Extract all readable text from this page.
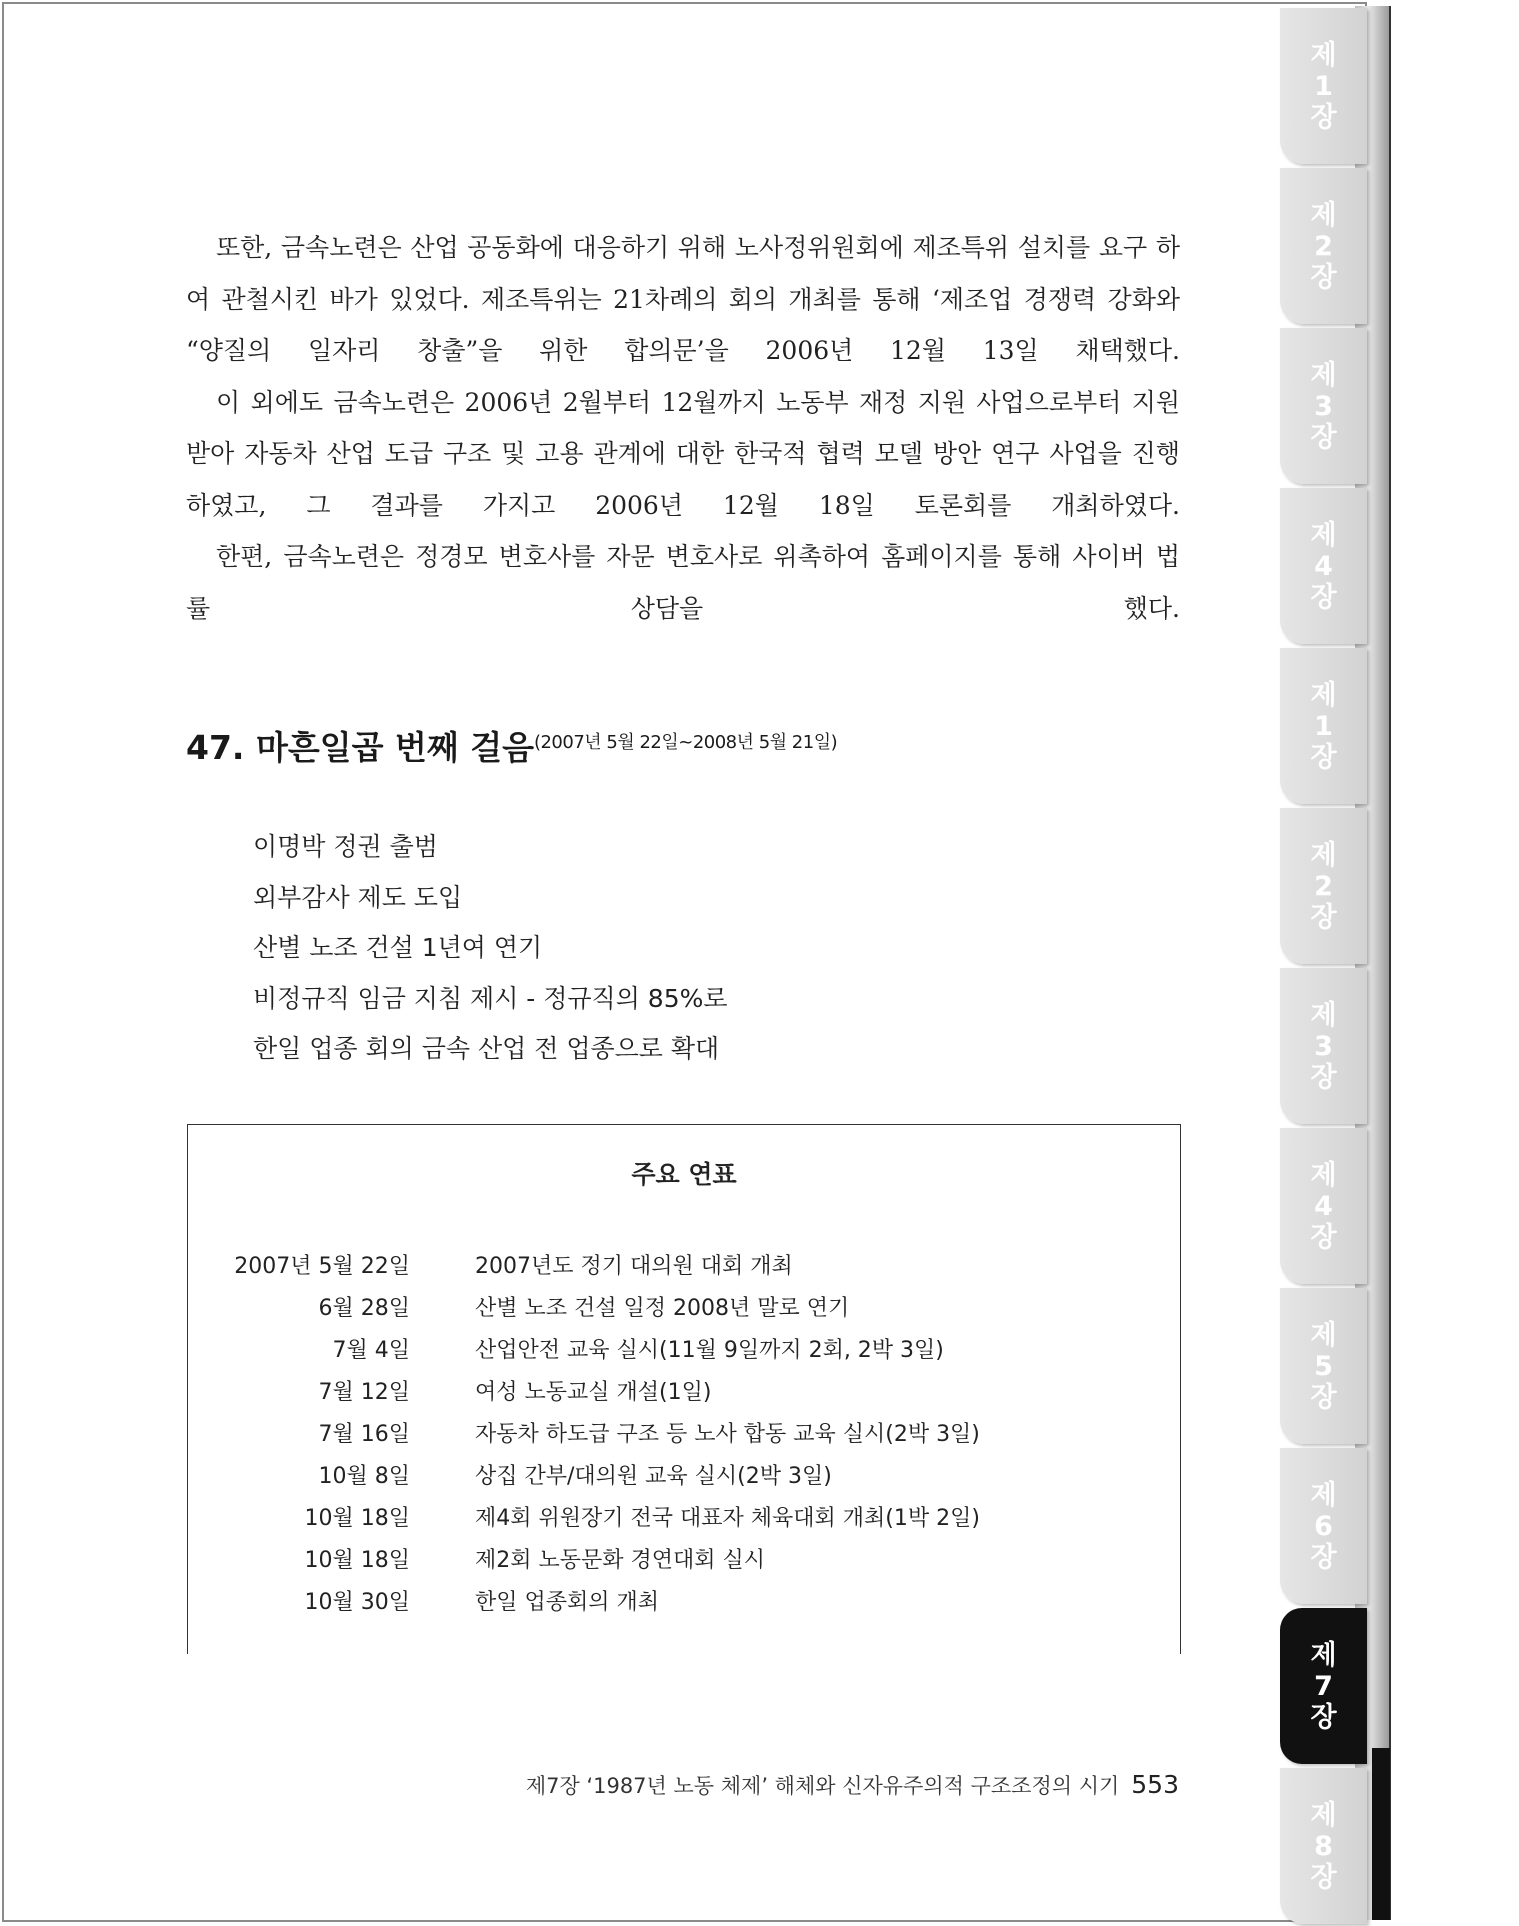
또한, 금속노련은 산업 공동화에 대응하기 위해 노사정위원회에 제조특위 설치를 요구 하여 관철시킨 바가 있었다. 제조특위는 21차례의 회의 개최를 통해 ‘제조업 경쟁력 강화와 “양질의 일자리 창출”을 위한 합의문’을 2006년 12월 13일 채택했다.

이 외에도 금속노련은 2006년 2월부터 12월까지 노동부 재정 지원 사업으로부터 지원 받아 자동차 산업 도급 구조 및 고용 관계에 대한 한국적 협력 모델 방안 연구 사업을 진행 하였고, 그 결과를 가지고 2006년 12월 18일 토론회를 개최하였다.

한편, 금속노련은 정경모 변호사를 자문 변호사로 위촉하여 홈페이지를 통해 사이버 법 률 상담을 했다.

47. 마흔일곱 번째 걸음$^{(2007년 5월 22일\sim 2008년 5월 21일)}$
이명박 정권 출범
외부감사 제도 도입
산별 노조 건설 1년여 연기
비정규직 임금 지침 제시 - 정규직의 85%로
한일 업종 회의 금속 산업 전 업종으로 확대
주요 연표
2007년 5월 22일	2007년도 정기 대의원 대회 개최
6월 28일	산별 노조 건설 일정 2008년 말로 연기
7월 4일	산업안전 교육 실시(11월 9일까지 2회, 2박 3일)
7월 12일	여성 노동교실 개설(1일)
7월 16일	자동차 하도급 구조 등 노사 합동 교육 실시(2박 3일)
10월 8일	상집 간부/대의원 교육 실시(2박 3일)
10월 18일	제4회 위원장기 전국 대표자 체육대회 개최(1박 2일)
10월 18일	제2회 노동문화 경연대회 실시
10월 30일	한일 업종회의 개최
제7장 ‘1987년 노동 체제’ 해체와 신자유주의적 구조조정의 시기 553
제
1
장
제
2
장
제
3
장
제
4
장
제
1
장
제
2
장
제
3
장
제
4
장
제
5
장
제
6
장
제
7
장
제
8
장
